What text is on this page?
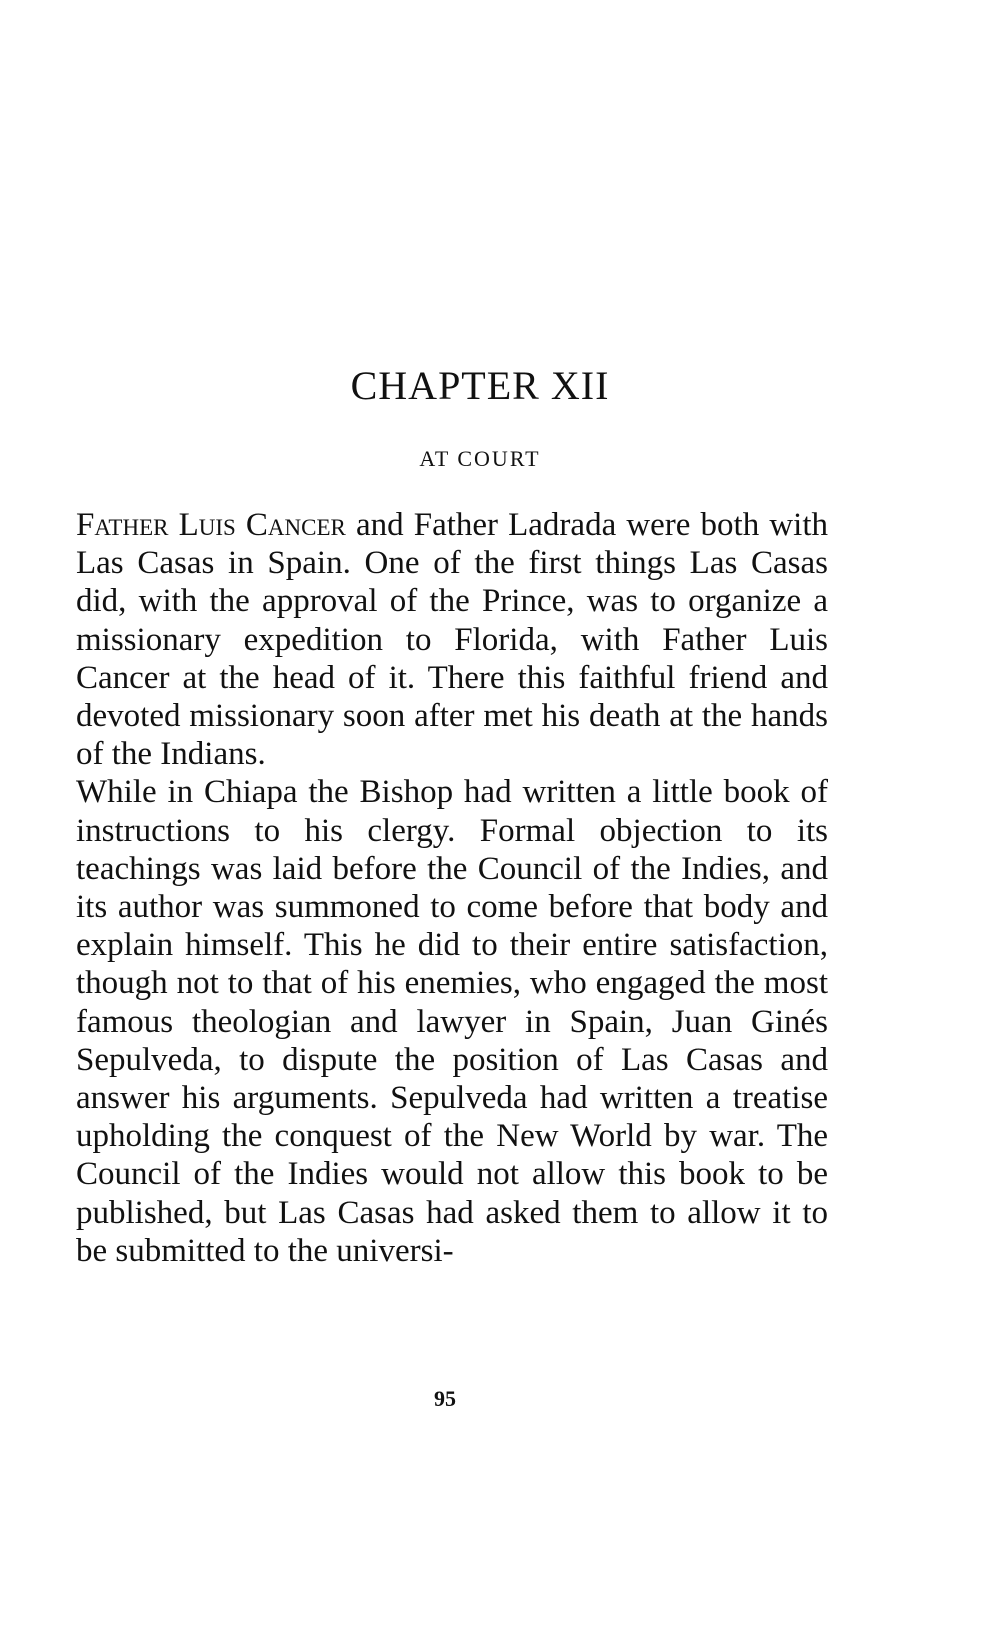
CHAPTER XII
AT COURT

Father Luis Cancer and Father Ladrada were both with Las Casas in Spain. One of the first things Las Casas did, with the approval of the Prince, was to organize a missionary expedition to Florida, with Father Luis Cancer at the head of it. There this faithful friend and devoted missionary soon after met his death at the hands of the Indians.

While in Chiapa the Bishop had written a little book of instructions to his clergy. Formal objection to its teachings was laid before the Council of the Indies, and its author was summoned to come before that body and explain himself. This he did to their entire satisfaction, though not to that of his enemies, who engaged the most famous theologian and lawyer in Spain, Juan Ginés Sepulveda, to dispute the position of Las Casas and answer his arguments. Sepulveda had written a treatise upholding the conquest of the New World by war. The Council of the Indies would not allow this book to be published, but Las Casas had asked them to allow it to be submitted to the universi-

95
